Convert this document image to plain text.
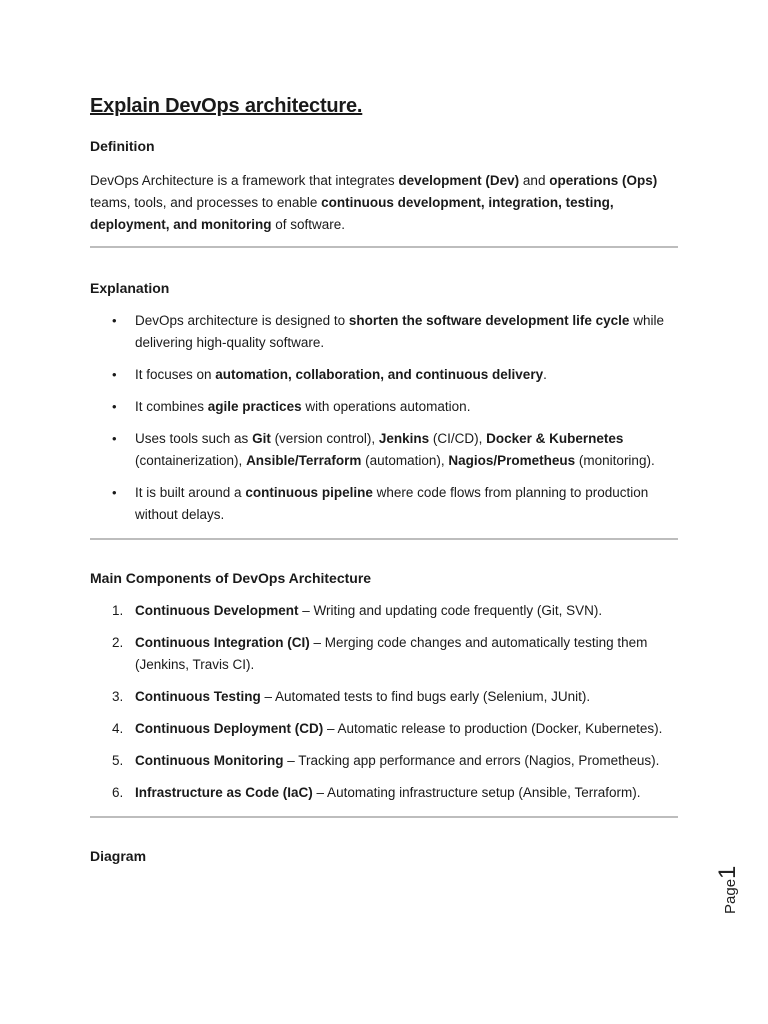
Explain DevOps architecture.
Definition

DevOps Architecture is a framework that integrates development (Dev) and operations (Ops) teams, tools, and processes to enable continuous development, integration, testing, deployment, and monitoring of software.

Explanation
• DevOps architecture is designed to shorten the software development life cycle while delivering high-quality software.
• It focuses on automation, collaboration, and continuous delivery.
• It combines agile practices with operations automation.
• Uses tools such as Git (version control), Jenkins (CI/CD), Docker & Kubernetes (containerization), Ansible/Terraform (automation), Nagios/Prometheus (monitoring).
• It is built around a continuous pipeline where code flows from planning to production without delays.
Main Components of DevOps Architecture
1. Continuous Development – Writing and updating code frequently (Git, SVN).
2. Continuous Integration (CI) – Merging code changes and automatically testing them (Jenkins, Travis CI).
3. Continuous Testing – Automated tests to find bugs early (Selenium, JUnit).
4. Continuous Deployment (CD) – Automatic release to production (Docker, Kubernetes).
5. Continuous Monitoring – Tracking app performance and errors (Nagios, Prometheus).
6. Infrastructure as Code (IaC) – Automating infrastructure setup (Ansible, Terraform).
Diagram
Page1
